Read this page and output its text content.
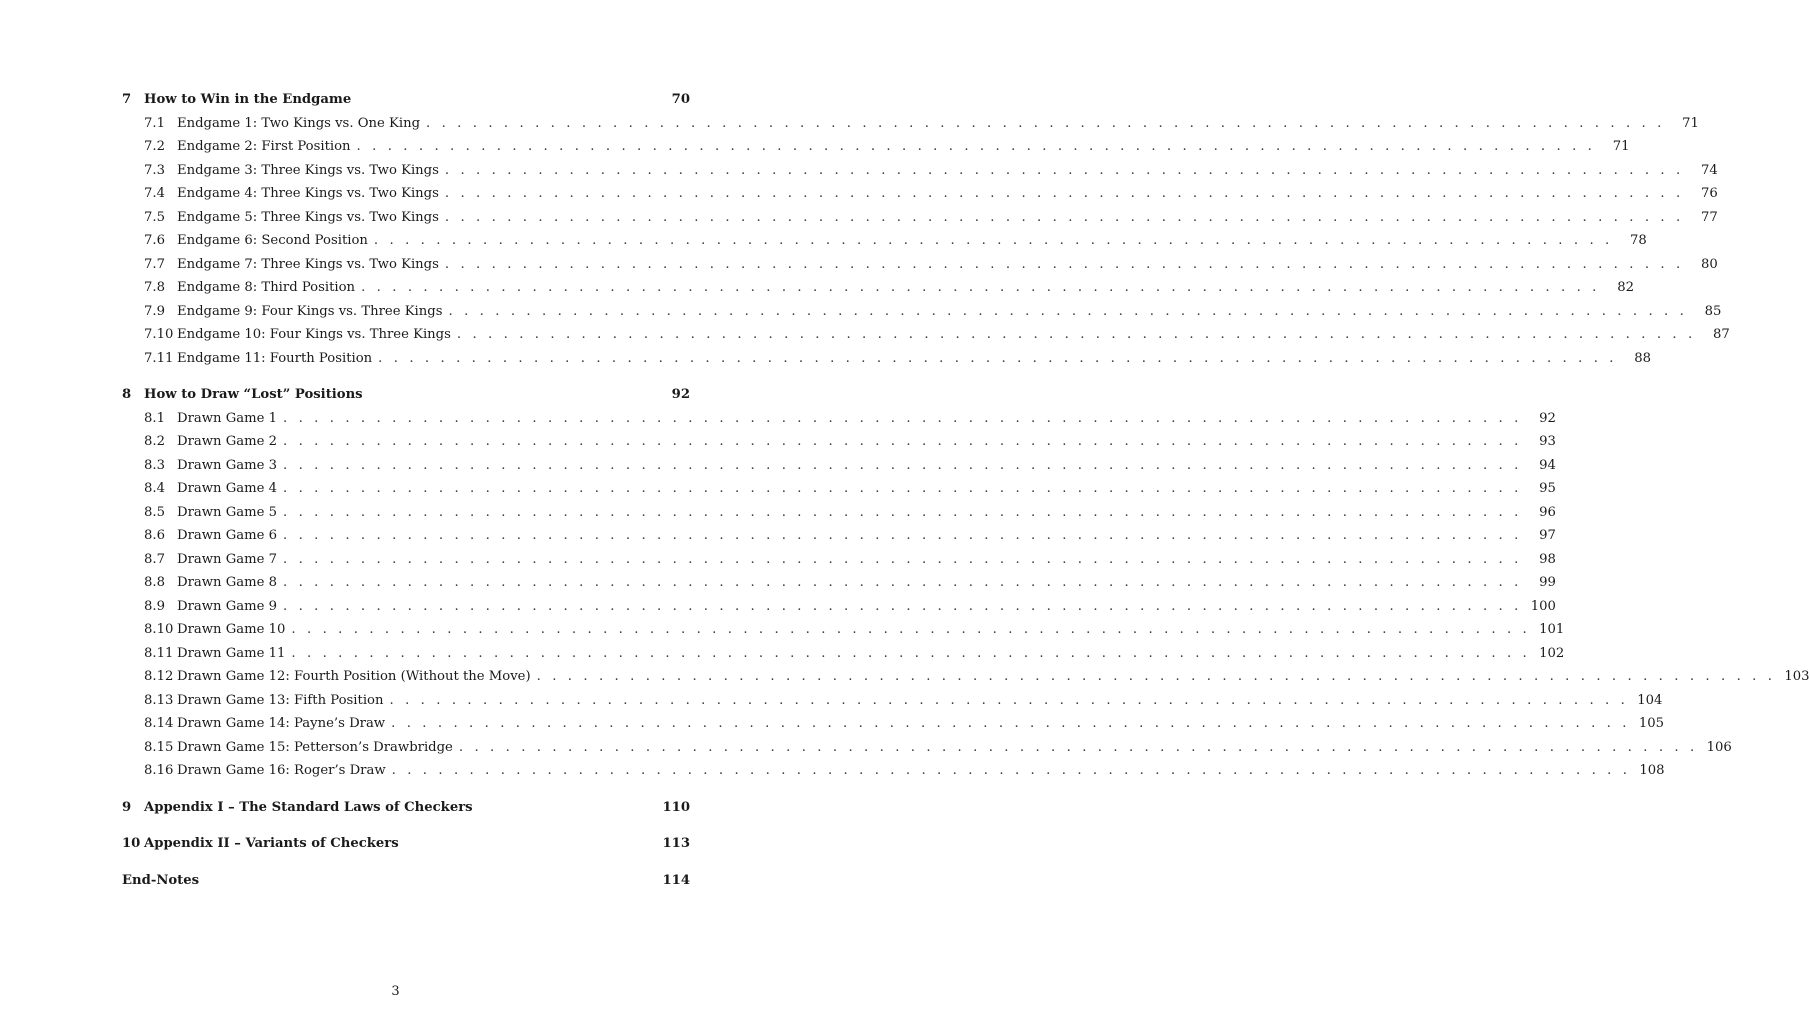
7 How to Win in the Endgame	70
7.1 Endgame 1: Two Kings vs. One King . . . . . . . . . . . . . . . . . . . . . . . . . . . . . . . . . . . . . . . . . . . . . . . . . . . . . . . . . . . . . . . . . . . . . . . . . . . . . . . .	71
7.2 Endgame 2: First Position . . . . . . . . . . . . . . . . . . . . . . . . . . . . . . . . . . . . . . . . . . . . . . . . . . . . . . . . . . . . . . . . . . . . . . . . . . . . . . . .	71
7.3 Endgame 3: Three Kings vs. Two Kings . . . . . . . . . . . . . . . . . . . . . . . . . . . . . . . . . . . . . . . . . . . . . . . . . . . . . . . . . . . . . . . . . . . . . . . . . . . . . . . .	74
7.4 Endgame 4: Three Kings vs. Two Kings . . . . . . . . . . . . . . . . . . . . . . . . . . . . . . . . . . . . . . . . . . . . . . . . . . . . . . . . . . . . . . . . . . . . . . . . . . . . . . . .	76
7.5 Endgame 5: Three Kings vs. Two Kings . . . . . . . . . . . . . . . . . . . . . . . . . . . . . . . . . . . . . . . . . . . . . . . . . . . . . . . . . . . . . . . . . . . . . . . . . . . . . . . .	77
7.6 Endgame 6: Second Position . . . . . . . . . . . . . . . . . . . . . . . . . . . . . . . . . . . . . . . . . . . . . . . . . . . . . . . . . . . . . . . . . . . . . . . . . . . . . . . .	78
7.7 Endgame 7: Three Kings vs. Two Kings . . . . . . . . . . . . . . . . . . . . . . . . . . . . . . . . . . . . . . . . . . . . . . . . . . . . . . . . . . . . . . . . . . . . . . . . . . . . . . . .	80
7.8 Endgame 8: Third Position . . . . . . . . . . . . . . . . . . . . . . . . . . . . . . . . . . . . . . . . . . . . . . . . . . . . . . . . . . . . . . . . . . . . . . . . . . . . . . . .	82
7.9 Endgame 9: Four Kings vs. Three Kings . . . . . . . . . . . . . . . . . . . . . . . . . . . . . . . . . . . . . . . . . . . . . . . . . . . . . . . . . . . . . . . . . . . . . . . . . . . . . . . .	85
7.10 Endgame 10: Four Kings vs. Three Kings . . . . . . . . . . . . . . . . . . . . . . . . . . . . . . . . . . . . . . . . . . . . . . . . . . . . . . . . . . . . . . . . . . . . . . . . . . . . . . . .	87
7.11 Endgame 11: Fourth Position . . . . . . . . . . . . . . . . . . . . . . . . . . . . . . . . . . . . . . . . . . . . . . . . . . . . . . . . . . . . . . . . . . . . . . . . . . . . . . . .	88
8 How to Draw “Lost” Positions	92
8.1 Drawn Game 1 . . . . . . . . . . . . . . . . . . . . . . . . . . . . . . . . . . . . . . . . . . . . . . . . . . . . . . . . . . . . . . . . . . . . . . . . . . . . . . . .	92
8.2 Drawn Game 2 . . . . . . . . . . . . . . . . . . . . . . . . . . . . . . . . . . . . . . . . . . . . . . . . . . . . . . . . . . . . . . . . . . . . . . . . . . . . . . . .	93
8.3 Drawn Game 3 . . . . . . . . . . . . . . . . . . . . . . . . . . . . . . . . . . . . . . . . . . . . . . . . . . . . . . . . . . . . . . . . . . . . . . . . . . . . . . . .	94
8.4 Drawn Game 4 . . . . . . . . . . . . . . . . . . . . . . . . . . . . . . . . . . . . . . . . . . . . . . . . . . . . . . . . . . . . . . . . . . . . . . . . . . . . . . . .	95
8.5 Drawn Game 5 . . . . . . . . . . . . . . . . . . . . . . . . . . . . . . . . . . . . . . . . . . . . . . . . . . . . . . . . . . . . . . . . . . . . . . . . . . . . . . . .	96
8.6 Drawn Game 6 . . . . . . . . . . . . . . . . . . . . . . . . . . . . . . . . . . . . . . . . . . . . . . . . . . . . . . . . . . . . . . . . . . . . . . . . . . . . . . . .	97
8.7 Drawn Game 7 . . . . . . . . . . . . . . . . . . . . . . . . . . . . . . . . . . . . . . . . . . . . . . . . . . . . . . . . . . . . . . . . . . . . . . . . . . . . . . . .	98
8.8 Drawn Game 8 . . . . . . . . . . . . . . . . . . . . . . . . . . . . . . . . . . . . . . . . . . . . . . . . . . . . . . . . . . . . . . . . . . . . . . . . . . . . . . . .	99
8.9 Drawn Game 9 . . . . . . . . . . . . . . . . . . . . . . . . . . . . . . . . . . . . . . . . . . . . . . . . . . . . . . . . . . . . . . . . . . . . . . . . . . . . . . . . 100
8.10 Drawn Game 10 . . . . . . . . . . . . . . . . . . . . . . . . . . . . . . . . . . . . . . . . . . . . . . . . . . . . . . . . . . . . . . . . . . . . . . . . . . . . . . . . 101
8.11 Drawn Game 11 . . . . . . . . . . . . . . . . . . . . . . . . . . . . . . . . . . . . . . . . . . . . . . . . . . . . . . . . . . . . . . . . . . . . . . . . . . . . . . . . 102
8.12 Drawn Game 12: Fourth Position (Without the Move) . . . . . . . . . . . . . . . . . . . . . . . . . . . . . . . . . . . . . . . . . . . . . . . . . . . . . . . . . . . . . . . . . . . . . . . . . . . . . . . . 103
8.13 Drawn Game 13: Fifth Position . . . . . . . . . . . . . . . . . . . . . . . . . . . . . . . . . . . . . . . . . . . . . . . . . . . . . . . . . . . . . . . . . . . . . . . . . . . . . . . . 104
8.14 Drawn Game 14: Payne’s Draw . . . . . . . . . . . . . . . . . . . . . . . . . . . . . . . . . . . . . . . . . . . . . . . . . . . . . . . . . . . . . . . . . . . . . . . . . . . . . . . . 105
8.15 Drawn Game 15: Petterson’s Drawbridge . . . . . . . . . . . . . . . . . . . . . . . . . . . . . . . . . . . . . . . . . . . . . . . . . . . . . . . . . . . . . . . . . . . . . . . . . . . . . . . . 106
8.16 Drawn Game 16: Roger’s Draw . . . . . . . . . . . . . . . . . . . . . . . . . . . . . . . . . . . . . . . . . . . . . . . . . . . . . . . . . . . . . . . . . . . . . . . . . . . . . . . . 108
9 Appendix I – The Standard Laws of Checkers	110
10 Appendix II – Variants of Checkers	113
End-Notes	114
3
